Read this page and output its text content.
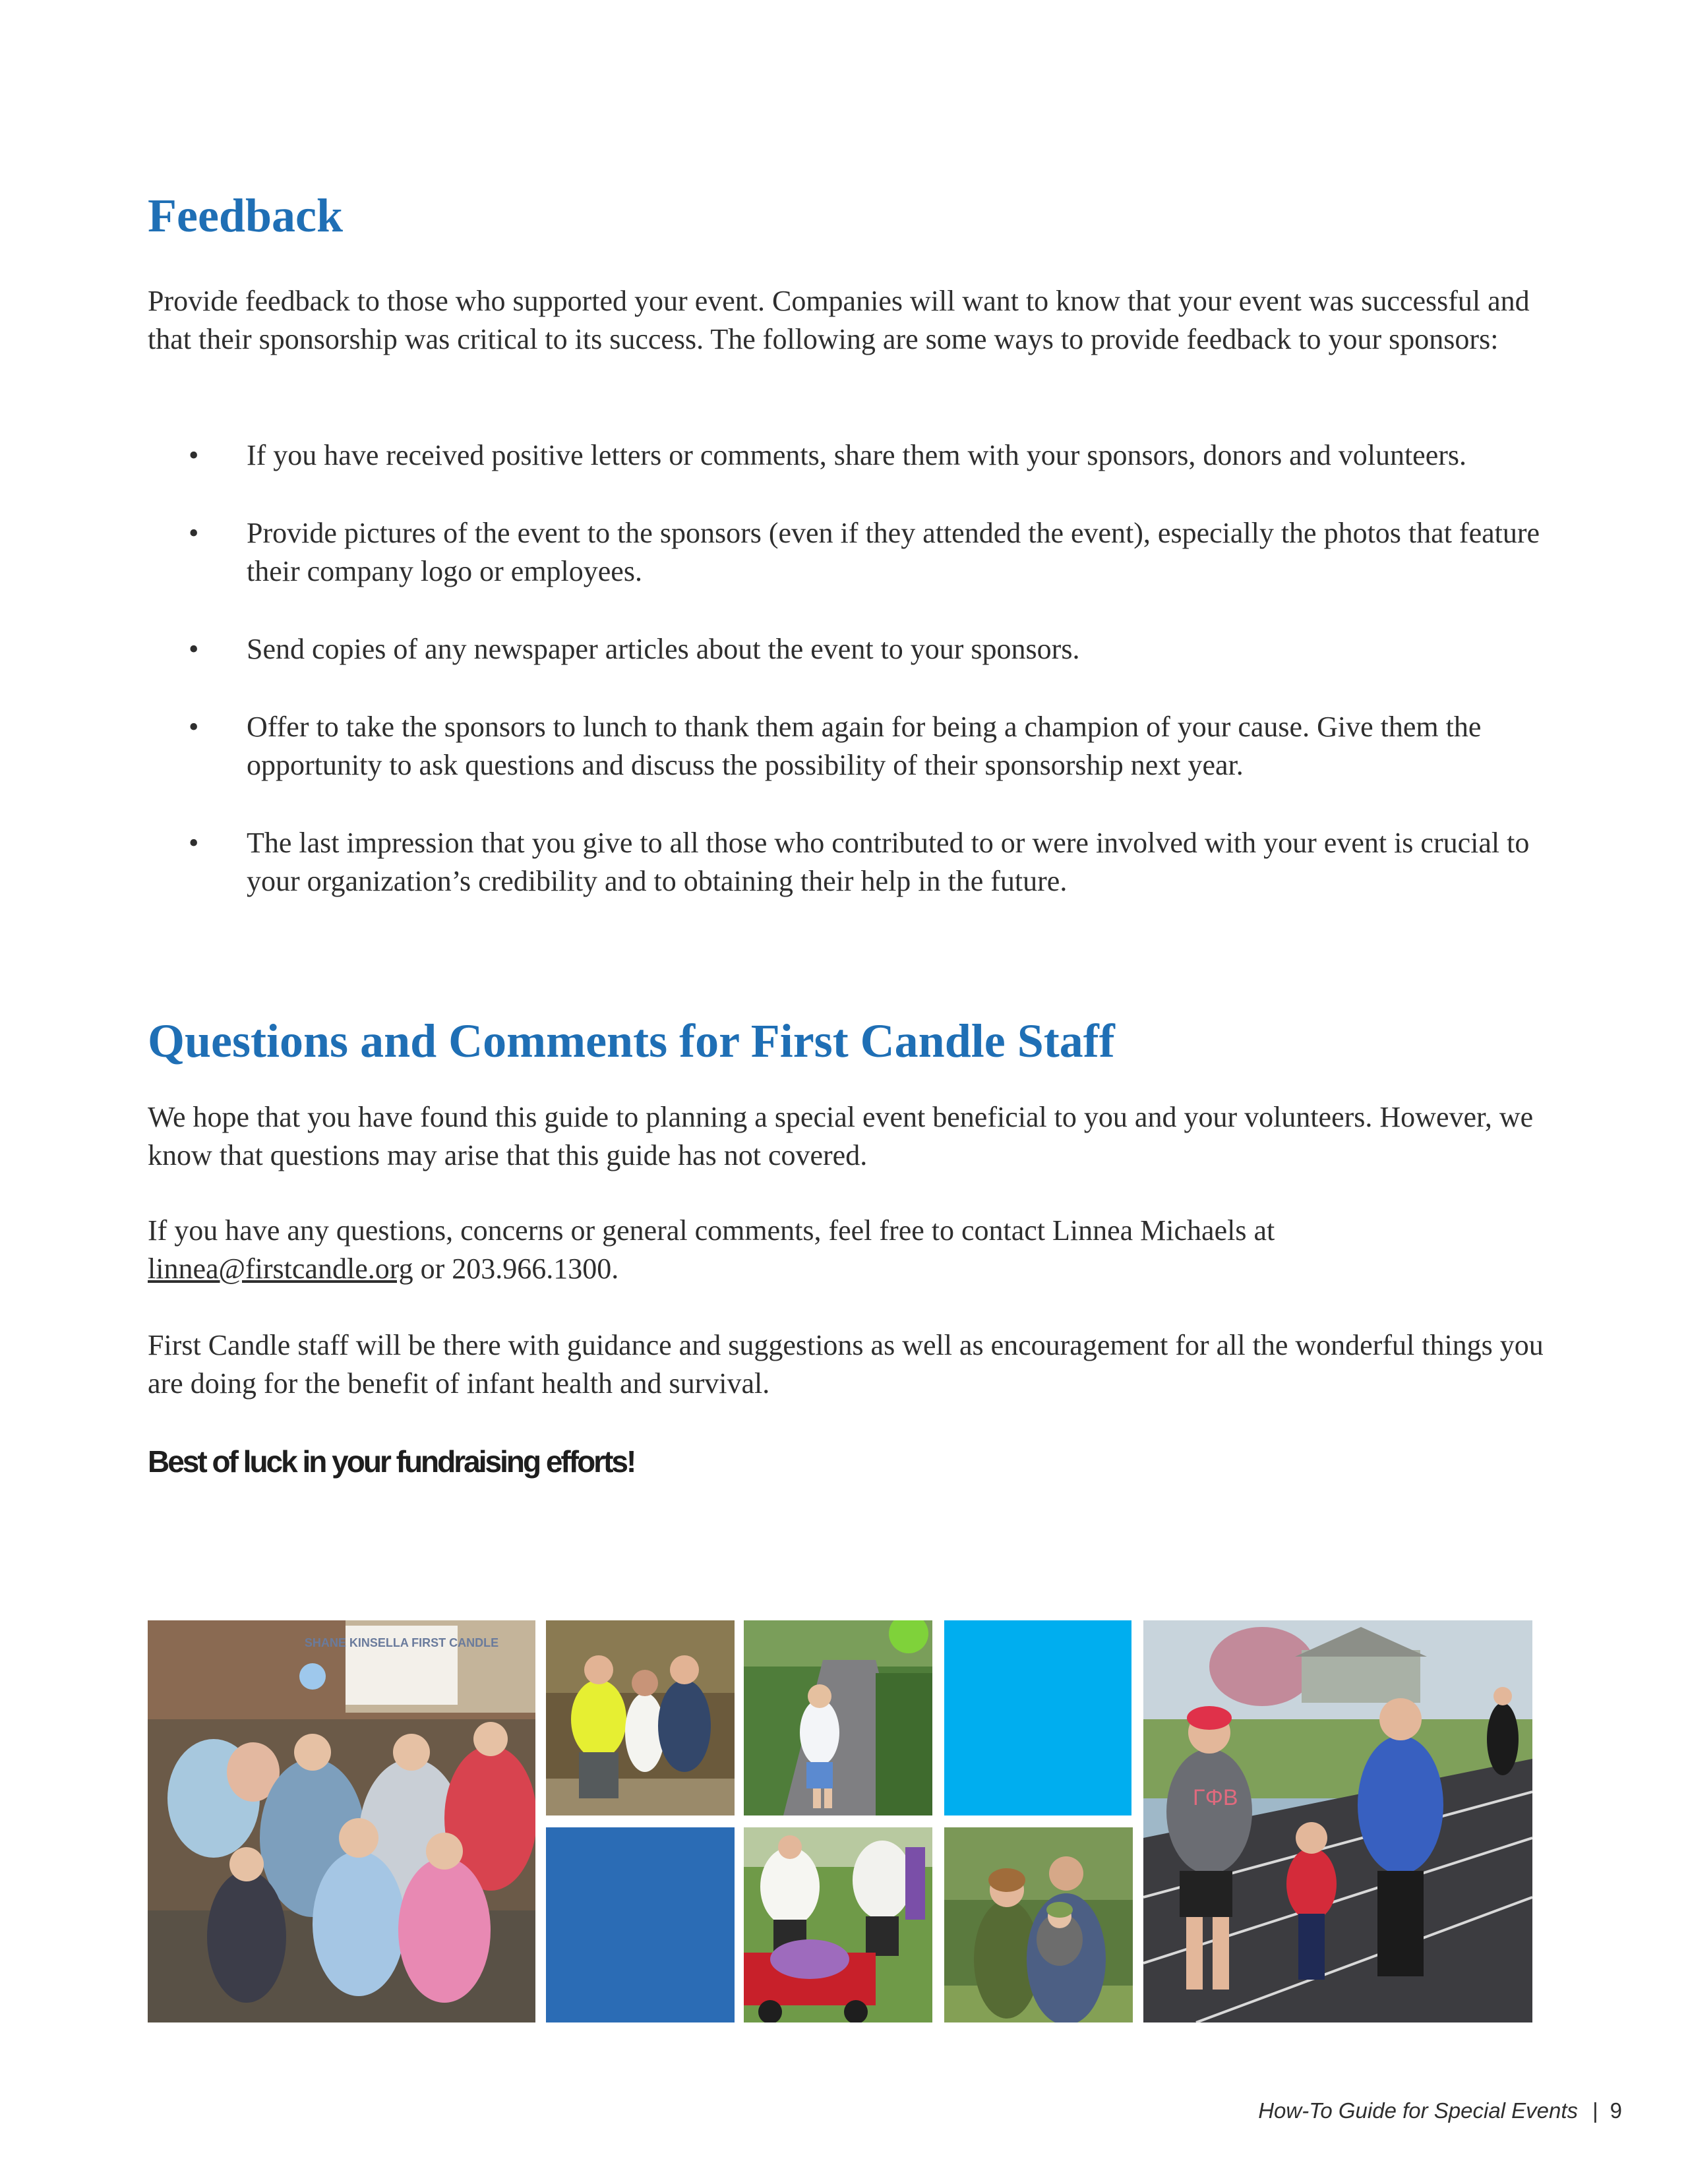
Feedback

Provide feedback to those who supported your event. Companies will want to know that your event was successful and that their sponsorship was critical to its success. The following are some ways to provide feedback to your sponsors:

• If you have received positive letters or comments, share them with your sponsors, donors and volunteers.
• Provide pictures of the event to the sponsors (even if they attended the event), especially the photos that feature their company logo or employees.
• Send copies of any newspaper articles about the event to your sponsors.
• Offer to take the sponsors to lunch to thank them again for being a champion of your cause. Give them the opportunity to ask questions and discuss the possibility of their sponsorship next year.
• The last impression that you give to all those who contributed to or were involved with your event is crucial to your organization’s credibility and to obtaining their help in the future.
Questions and Comments for First Candle Staff

We hope that you have found this guide to planning a special event beneficial to you and your volunteers. However, we know that questions may arise that this guide has not covered.

If you have any questions, concerns or general comments, feel free to contact Linnea Michaels at
linnea@firstcandle.org or 203.966.1300.

First Candle staff will be there with guidance and suggestions as well as encouragement for all the wonderful things you are doing for the benefit of infant health and survival.

Best of luck in your fundraising efforts!

SHANE KINSELLA FIRST CANDLE
ΓΦΒ
How-To Guide for Special Events | 9
